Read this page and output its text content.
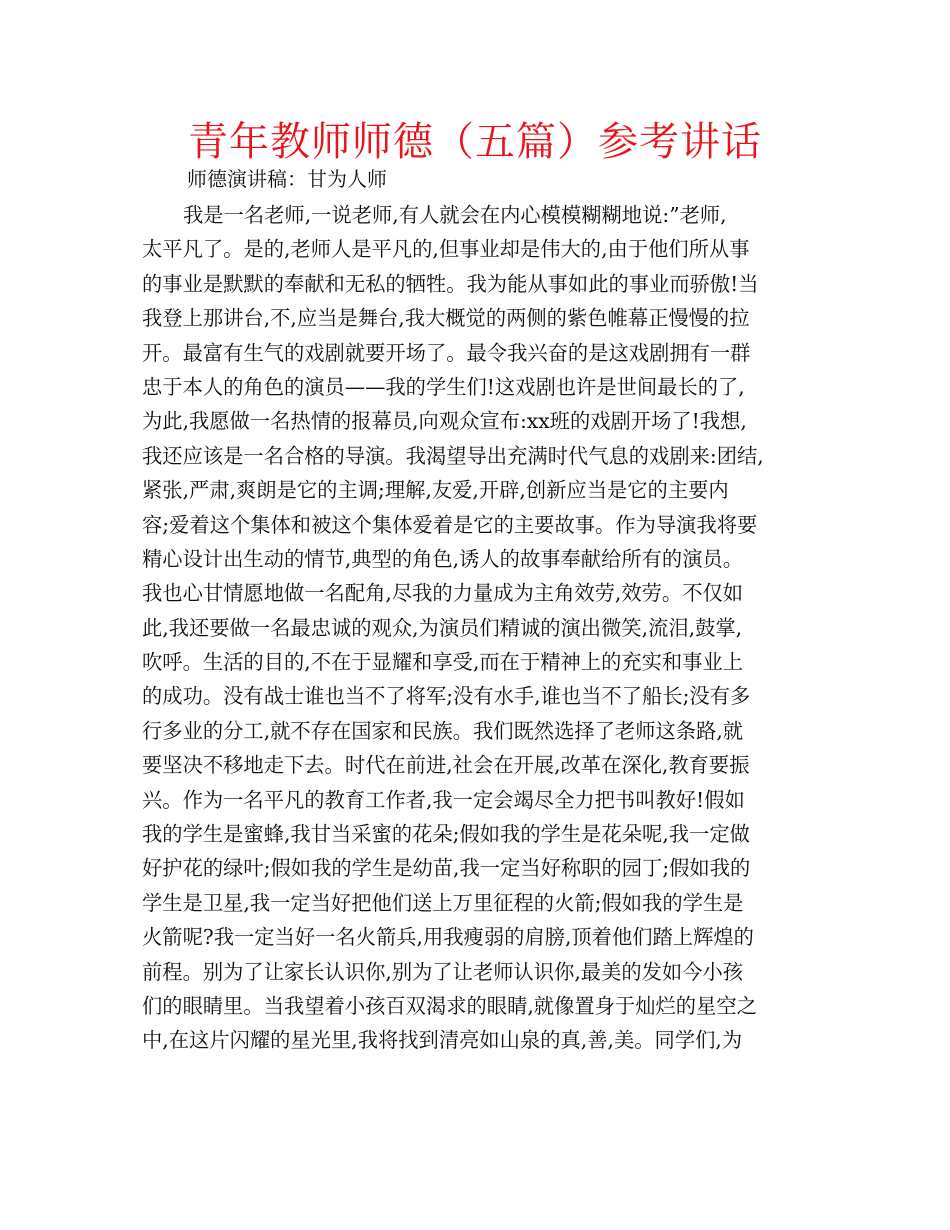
青年教师师德（五篇）参考讲话
师德演讲稿：甘为人师
我是一名老师,一说老师,有人就会在内心模模糊糊地说:”老师,
太平凡了。是的,老师人是平凡的,但事业却是伟大的,由于他们所从事
的事业是默默的奉献和无私的牺牲。我为能从事如此的事业而骄傲!当
我登上那讲台,不,应当是舞台,我大概觉的两侧的紫色帷幕正慢慢的拉
开。最富有生气的戏剧就要开场了。最令我兴奋的是这戏剧拥有一群
忠于本人的角色的演员——我的学生们!这戏剧也许是世间最长的了,
为此,我愿做一名热情的报幕员,向观众宣布:xx班的戏剧开场了!我想,
我还应该是一名合格的导演。我渴望导出充满时代气息的戏剧来:团结,
紧张,严肃,爽朗是它的主调;理解,友爱,开辟,创新应当是它的主要内
容;爱着这个集体和被这个集体爱着是它的主要故事。作为导演我将要
精心设计出生动的情节,典型的角色,诱人的故事奉献给所有的演员。
我也心甘情愿地做一名配角,尽我的力量成为主角效劳,效劳。不仅如
此,我还要做一名最忠诚的观众,为演员们精诚的演出微笑,流泪,鼓掌,
吹呼。生活的目的,不在于显耀和享受,而在于精神上的充实和事业上
的成功。没有战士谁也当不了将军;没有水手,谁也当不了船长;没有多
行多业的分工,就不存在国家和民族。我们既然选择了老师这条路,就
要坚决不移地走下去。时代在前进,社会在开展,改革在深化,教育要振
兴。作为一名平凡的教育工作者,我一定会竭尽全力把书叫教好!假如
我的学生是蜜蜂,我甘当采蜜的花朵;假如我的学生是花朵呢,我一定做
好护花的绿叶;假如我的学生是幼苗,我一定当好称职的园丁;假如我的
学生是卫星,我一定当好把他们送上万里征程的火箭;假如我的学生是
火箭呢?我一定当好一名火箭兵,用我瘦弱的肩膀,顶着他们踏上辉煌的
前程。别为了让家长认识你,别为了让老师认识你,最美的发如今小孩
们的眼睛里。当我望着小孩百双渴求的眼睛,就像置身于灿烂的星空之
中,在这片闪耀的星光里,我将找到清亮如山泉的真,善,美。同学们,为
